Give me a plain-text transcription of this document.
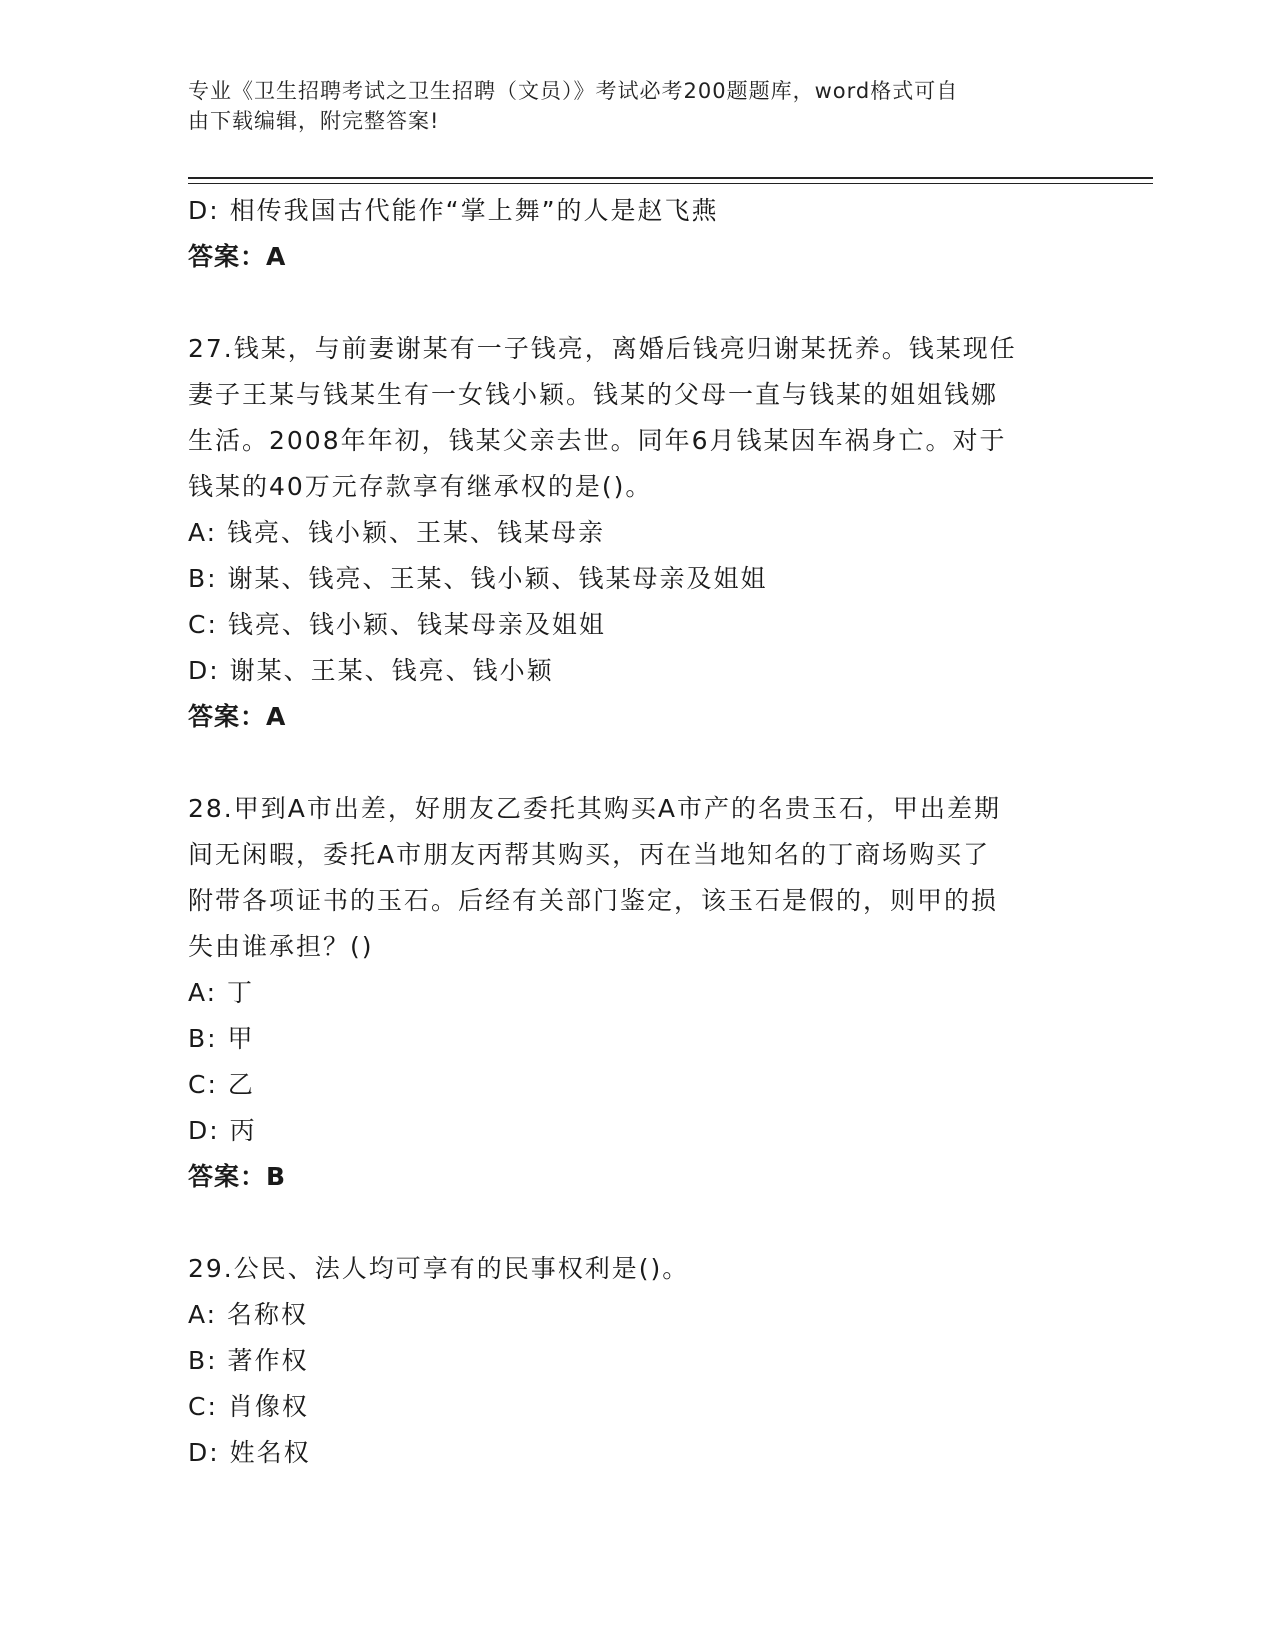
专业《卫生招聘考试之卫生招聘（文员）》考试必考200题题库，word格式可自
由下载编辑，附完整答案!

D: 相传我国古代能作“掌上舞”的人是赵飞燕

答案：A

27.钱某，与前妻谢某有一子钱亮，离婚后钱亮归谢某抚养。钱某现任

妻子王某与钱某生有一女钱小颖。钱某的父母一直与钱某的姐姐钱娜

生活。2008年年初，钱某父亲去世。同年6月钱某因车祸身亡。对于

钱某的40万元存款享有继承权的是()。

A: 钱亮、钱小颖、王某、钱某母亲

B: 谢某、钱亮、王某、钱小颖、钱某母亲及姐姐

C: 钱亮、钱小颖、钱某母亲及姐姐

D: 谢某、王某、钱亮、钱小颖

答案：A

28.甲到A市出差，好朋友乙委托其购买A市产的名贵玉石，甲出差期

间无闲暇，委托A市朋友丙帮其购买，丙在当地知名的丁商场购买了

附带各项证书的玉石。后经有关部门鉴定，该玉石是假的，则甲的损

失由谁承担？()

A: 丁

B: 甲

C: 乙

D: 丙

答案：B

29.公民、法人均可享有的民事权利是()。

A: 名称权

B: 著作权

C: 肖像权

D: 姓名权
